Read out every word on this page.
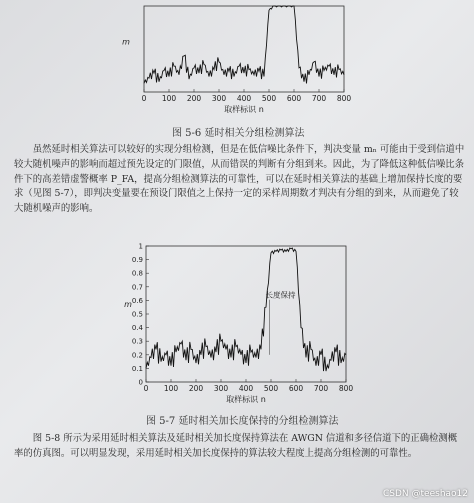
0 100 200 300 400 500 600 700 800
取样标识 n
m
图 5-6 延时相关分组检测算法

虽然延时相关算法可以较好的实现分组检测，但是在低信噪比条件下，判决变量 mₙ 可能由于受到信道中较大随机噪声的影响而超过预先设定的门限值，从而错误的判断有分组到来。因此，为了降低这种低信噪比条件下的高差错虚警概率 P_FA，提高分组检测算法的可靠性，可以在延时相关算法的基础上增加保持长度的要求（见图 5-7），即判决变量要在预设门限值之上保持一定的采样周期数才判决有分组的到来，从而避免了较大随机噪声的影响。

0 100 200 300 400 500 600 700 800
0
0.1
0.2
0.3
0.4
0.5
0.6
0.7
0.8
0.9
1
取样标识 n
m
长度保持
图 5-7 延时相关加长度保持的分组检测算法

图 5-8 所示为采用延时相关算法及延时相关加长度保持算法在 AWGN 信道和多径信道下的正确检测概率的仿真图。可以明显发现，采用延时相关加长度保持的算法较大程度上提高分组检测的可靠性。

CSDN @teeshao12
